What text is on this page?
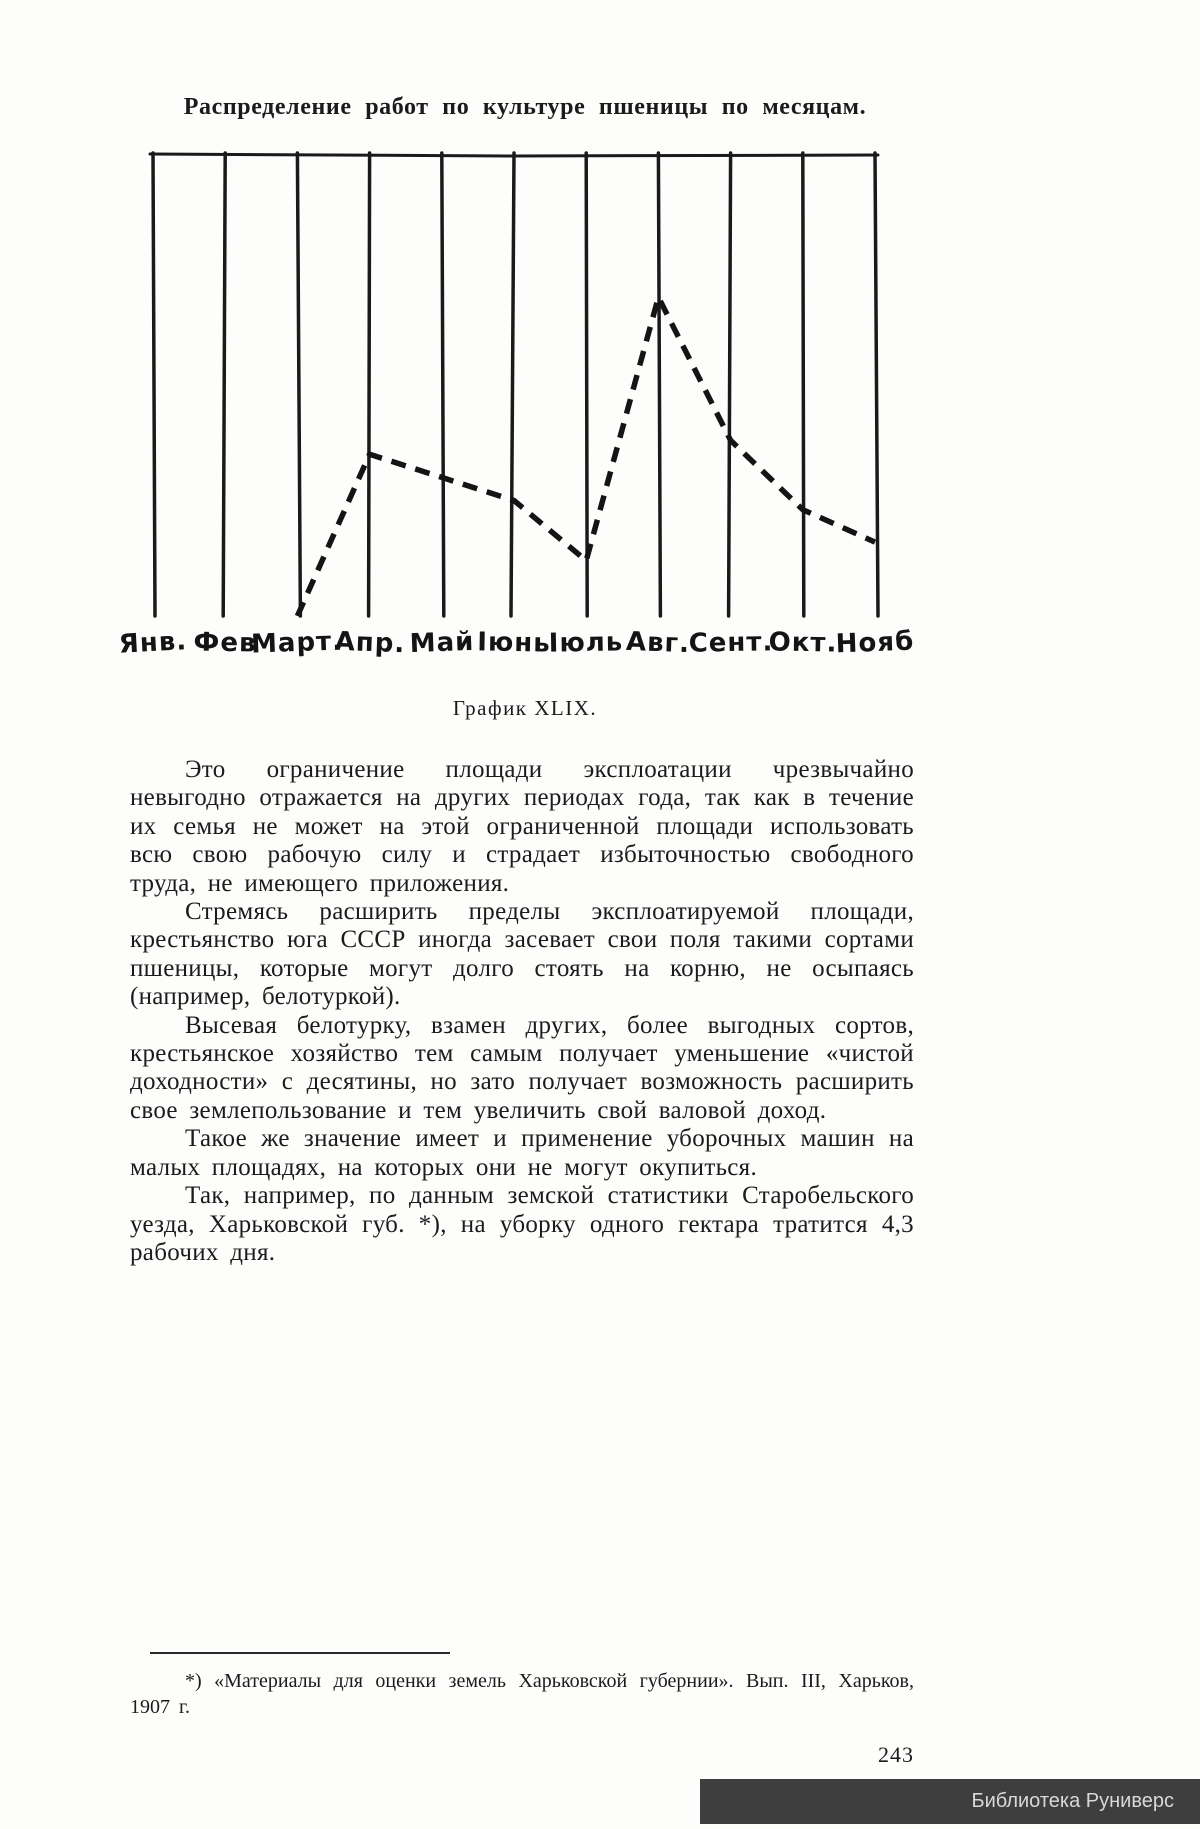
Распределение работ по культуре пшеницы по месяцам.
Янв. Фев
Март.
Апр. Май Іюнь
Іюль Авг.
Сент.
Окт.
Нояб
График XLIX.

Это ограничение площади эксплоатации чрезвычайно невыгодно отражается на других периодах года, так как в течение их семья не может на этой ограниченной площади использовать всю свою рабочую силу и страдает избыточностью свободного труда, не имеющего приложения.

Стремясь расширить пределы эксплоатируемой площади, крестьянство юга СССР иногда засевает свои поля такими сортами пшеницы, которые могут долго стоять на корню, не осыпаясь (например, белотуркой).

Высевая белотурку, взамен других, более выгодных сортов, крестьянское хозяйство тем самым получает уменьшение «чистой доходности» с десятины, но зато получает возможность расширить свое землепользование и тем увеличить свой валовой доход.

Такое же значение имеет и применение уборочных машин на малых площадях, на которых они не могут окупиться.

Так, например, по данным земской статистики Старобельского уезда, Харьковской губ. *), на уборку одного гектара тратится 4,3 рабочих дня.

*) «Материалы для оценки земель Харьковской губернии». Вып. III, Харьков, 1907 г.
243
Библиотека Руниверс
